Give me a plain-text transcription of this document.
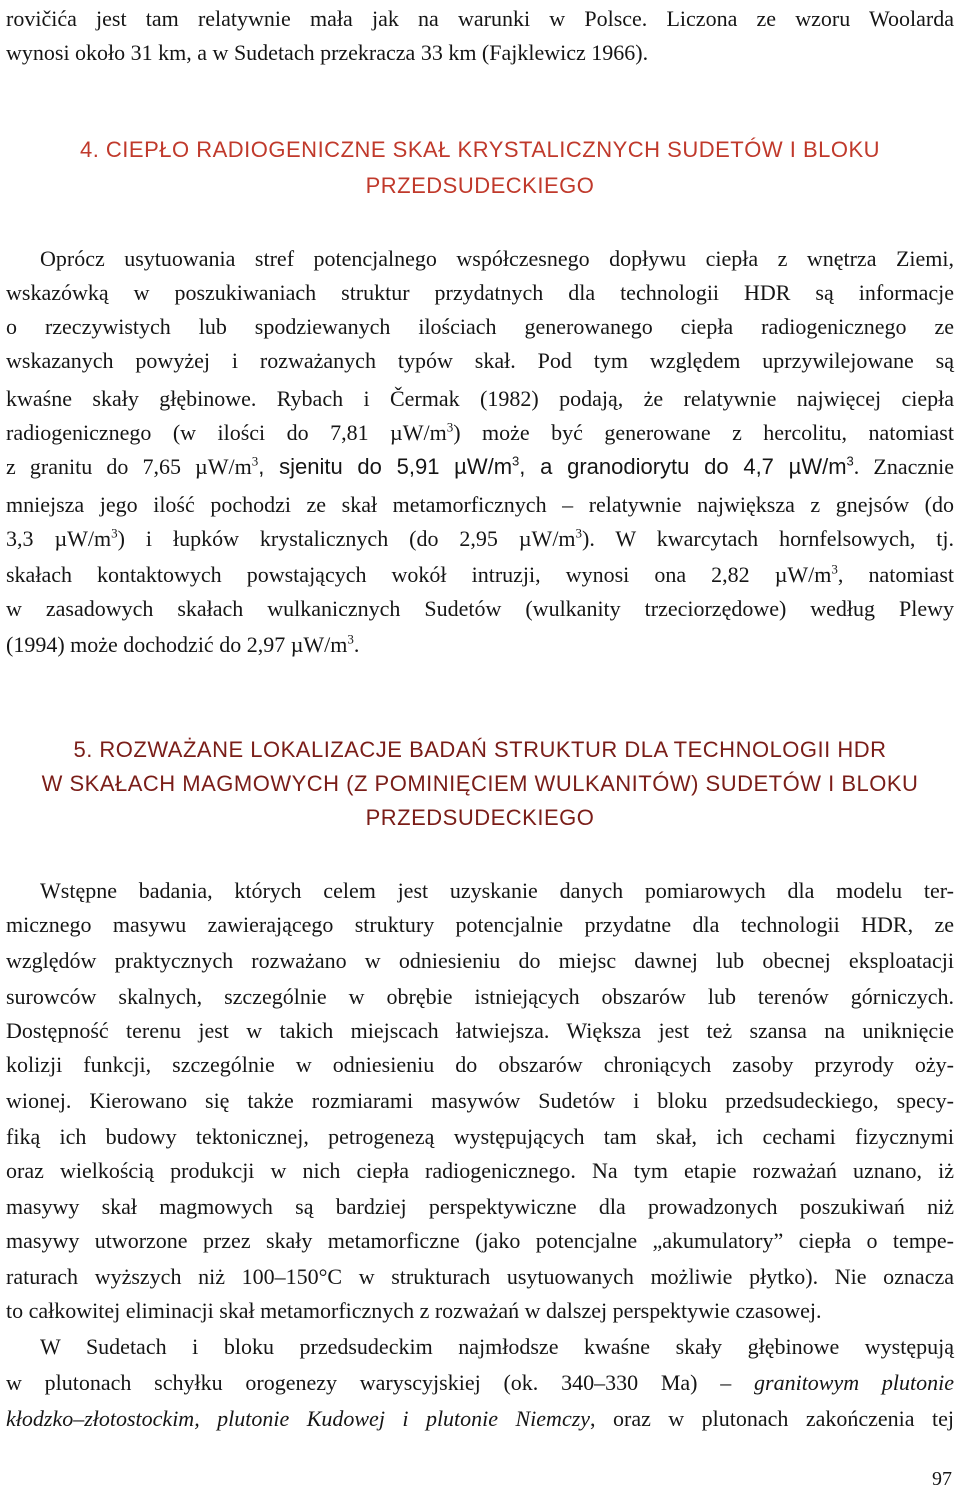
rovičića jest tam relatywnie mała jak na warunki w Polsce. Liczona ze wzoru Woolarda
wynosi około 31 km, a w Sudetach przekracza 33 km (Fajklewicz 1966).
4. CIEPŁO RADIOGENICZNE SKAŁ KRYSTALICZNYCH SUDETÓW I BLOKU
PRZEDSUDECKIEGO
Oprócz usytuowania stref potencjalnego współczesnego dopływu ciepła z wnętrza Ziemi,
wskazówką w poszukiwaniach struktur przydatnych dla technologii HDR są informacje
o rzeczywistych lub spodziewanych ilościach generowanego ciepła radiogenicznego ze
wskazanych powyżej i rozważanych typów skał. Pod tym względem uprzywilejowane są
kwaśne skały głębinowe. Rybach i Čermak (1982) podają, że relatywnie najwięcej ciepła
radiogenicznego (w ilości do 7,81 $\mu W/m^3$) może być generowane z hercolitu, natomiast
z granitu do 7,65 $\mu W/m^3$, sjenitu do 5,91 $\mu W/m^3$, a granodiorytu do 4,7 $\mu W/m^3$. Znacznie
mniejsza jego ilość pochodzi ze skał metamorficznych – relatywnie największa z gnejsów (do
3,3 $\mu W/m^3$) i łupków krystalicznych (do 2,95 $\mu W/m^3$). W kwarcytach hornfelsowych, tj.
skałach kontaktowych powstających wokół intruzji, wynosi ona 2,82 $\mu W/m^3$, natomiast
w zasadowych skałach wulkanicznych Sudetów (wulkanity trzeciorzędowe) według Plewy
(1994) może dochodzić do 2,97 $\mu W/m^3$.
5. ROZWAŻANE LOKALIZACJE BADAŃ STRUKTUR DLA TECHNOLOGII HDR
W SKAŁACH MAGMOWYCH (Z POMINIĘCIEM WULKANITÓW) SUDETÓW I BLOKU
PRZEDSUDECKIEGO
Wstępne badania, których celem jest uzyskanie danych pomiarowych dla modelu ter-
micznego masywu zawierającego struktury potencjalnie przydatne dla technologii HDR, ze
względów praktycznych rozważano w odniesieniu do miejsc dawnej lub obecnej eksploatacji
surowców skalnych, szczególnie w obrębie istniejących obszarów lub terenów górniczych.
Dostępność terenu jest w takich miejscach łatwiejsza. Większa jest też szansa na uniknięcie
kolizji funkcji, szczególnie w odniesieniu do obszarów chroniących zasoby przyrody oży-
wionej. Kierowano się także rozmiarami masywów Sudetów i bloku przedsudeckiego, specy-
fiką ich budowy tektonicznej, petrogenezą występujących tam skał, ich cechami fizycznymi
oraz wielkością produkcji w nich ciepła radiogenicznego. Na tym etapie rozważań uznano, iż
masywy skał magmowych są bardziej perspektywiczne dla prowadzonych poszukiwań niż
masywy utworzone przez skały metamorficzne (jako potencjalne „akumulatory” ciepła o tempe-
raturach wyższych niż 100–150°C w strukturach usytuowanych możliwie płytko). Nie oznacza
to całkowitej eliminacji skał metamorficznych z rozważań w dalszej perspektywie czasowej.
W Sudetach i bloku przedsudeckim najmłodsze kwaśne skały głębinowe występują
w plutonach schyłku orogenezy waryscyjskiej (ok. 340–330 Ma) – granitowym plutonie
kłodzko–złotostockim, plutonie Kudowej i plutonie Niemczy, oraz w plutonach zakończenia tej
97
